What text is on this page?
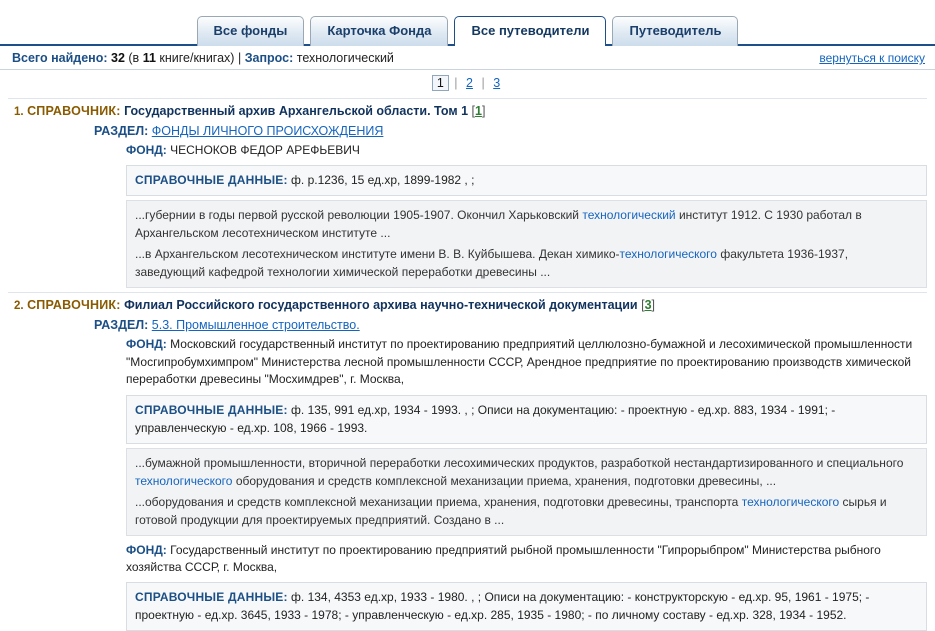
Все фонды	Карточка Фонда	Все путеводители	Путеводитель
Всего найдено: 32 (в 11 книге/книгах) | Запрос: технологический	вернуться к поиску
1 | 2 | 3
1. СПРАВОЧНИК: Государственный архив Архангельской области. Том 1 [1]
РАЗДЕЛ: ФОНДЫ ЛИЧНОГО ПРОИСХОЖДЕНИЯ
ФОНД: ЧЕСНОКОВ ФЕДОР АРЕФЬЕВИЧ
СПРАВОЧНЫЕ ДАННЫЕ: ф. р.1236, 15 ед.хр, 1899-1982 , ;
...губернии в годы первой русской революции 1905-1907. Окончил Харьковский технологический институт 1912. С 1930 работал в Архангельском лесотехническом институте ...
...в Архангельском лесотехническом институте имени В. В. Куйбышева. Декан химико-технологического факультета 1936-1937, заведующий кафедрой технологии химической переработки древесины ...
2. СПРАВОЧНИК: Филиал Российского государственного архива научно-технической документации [3]
РАЗДЕЛ: 5.3. Промышленное строительство.
ФОНД: Московский государственный институт по проектированию предприятий целлюлозно-бумажной и лесохимической промышленности "Мосгипробумхимпром" Министерства лесной промышленности СССР, Арендное предприятие по проектированию производств химической переработки древесины "Мосхимдрев", г. Москва,
СПРАВОЧНЫЕ ДАННЫЕ: ф. 135, 991 ед.хр, 1934 - 1993. , ; Описи на документацию: - проектную - ед.хр. 883, 1934 - 1991; - управленческую - ед.хр. 108, 1966 - 1993.
...бумажной промышленности, вторичной переработки лесохимических продуктов, разработкой нестандартизированного и специального технологического оборудования и средств комплексной механизации приема, хранения, подготовки древесины, ...
...оборудования и средств комплексной механизации приема, хранения, подготовки древесины, транспорта технологического сырья и готовой продукции для проектируемых предприятий. Создано в ...
ФОНД: Государственный институт по проектированию предприятий рыбной промышленности "Гипрорыбпром" Министерства рыбного хозяйства СССР, г. Москва,
СПРАВОЧНЫЕ ДАННЫЕ: ф. 134, 4353 ед.хр, 1933 - 1980. , ; Описи на документацию: - конструкторскую - ед.хр. 95, 1961 - 1975; - проектную - ед.хр. 3645, 1933 - 1978; - управленческую - ед.хр. 285, 1935 - 1980; - по личному составу - ед.хр. 328, 1934 - 1952.
